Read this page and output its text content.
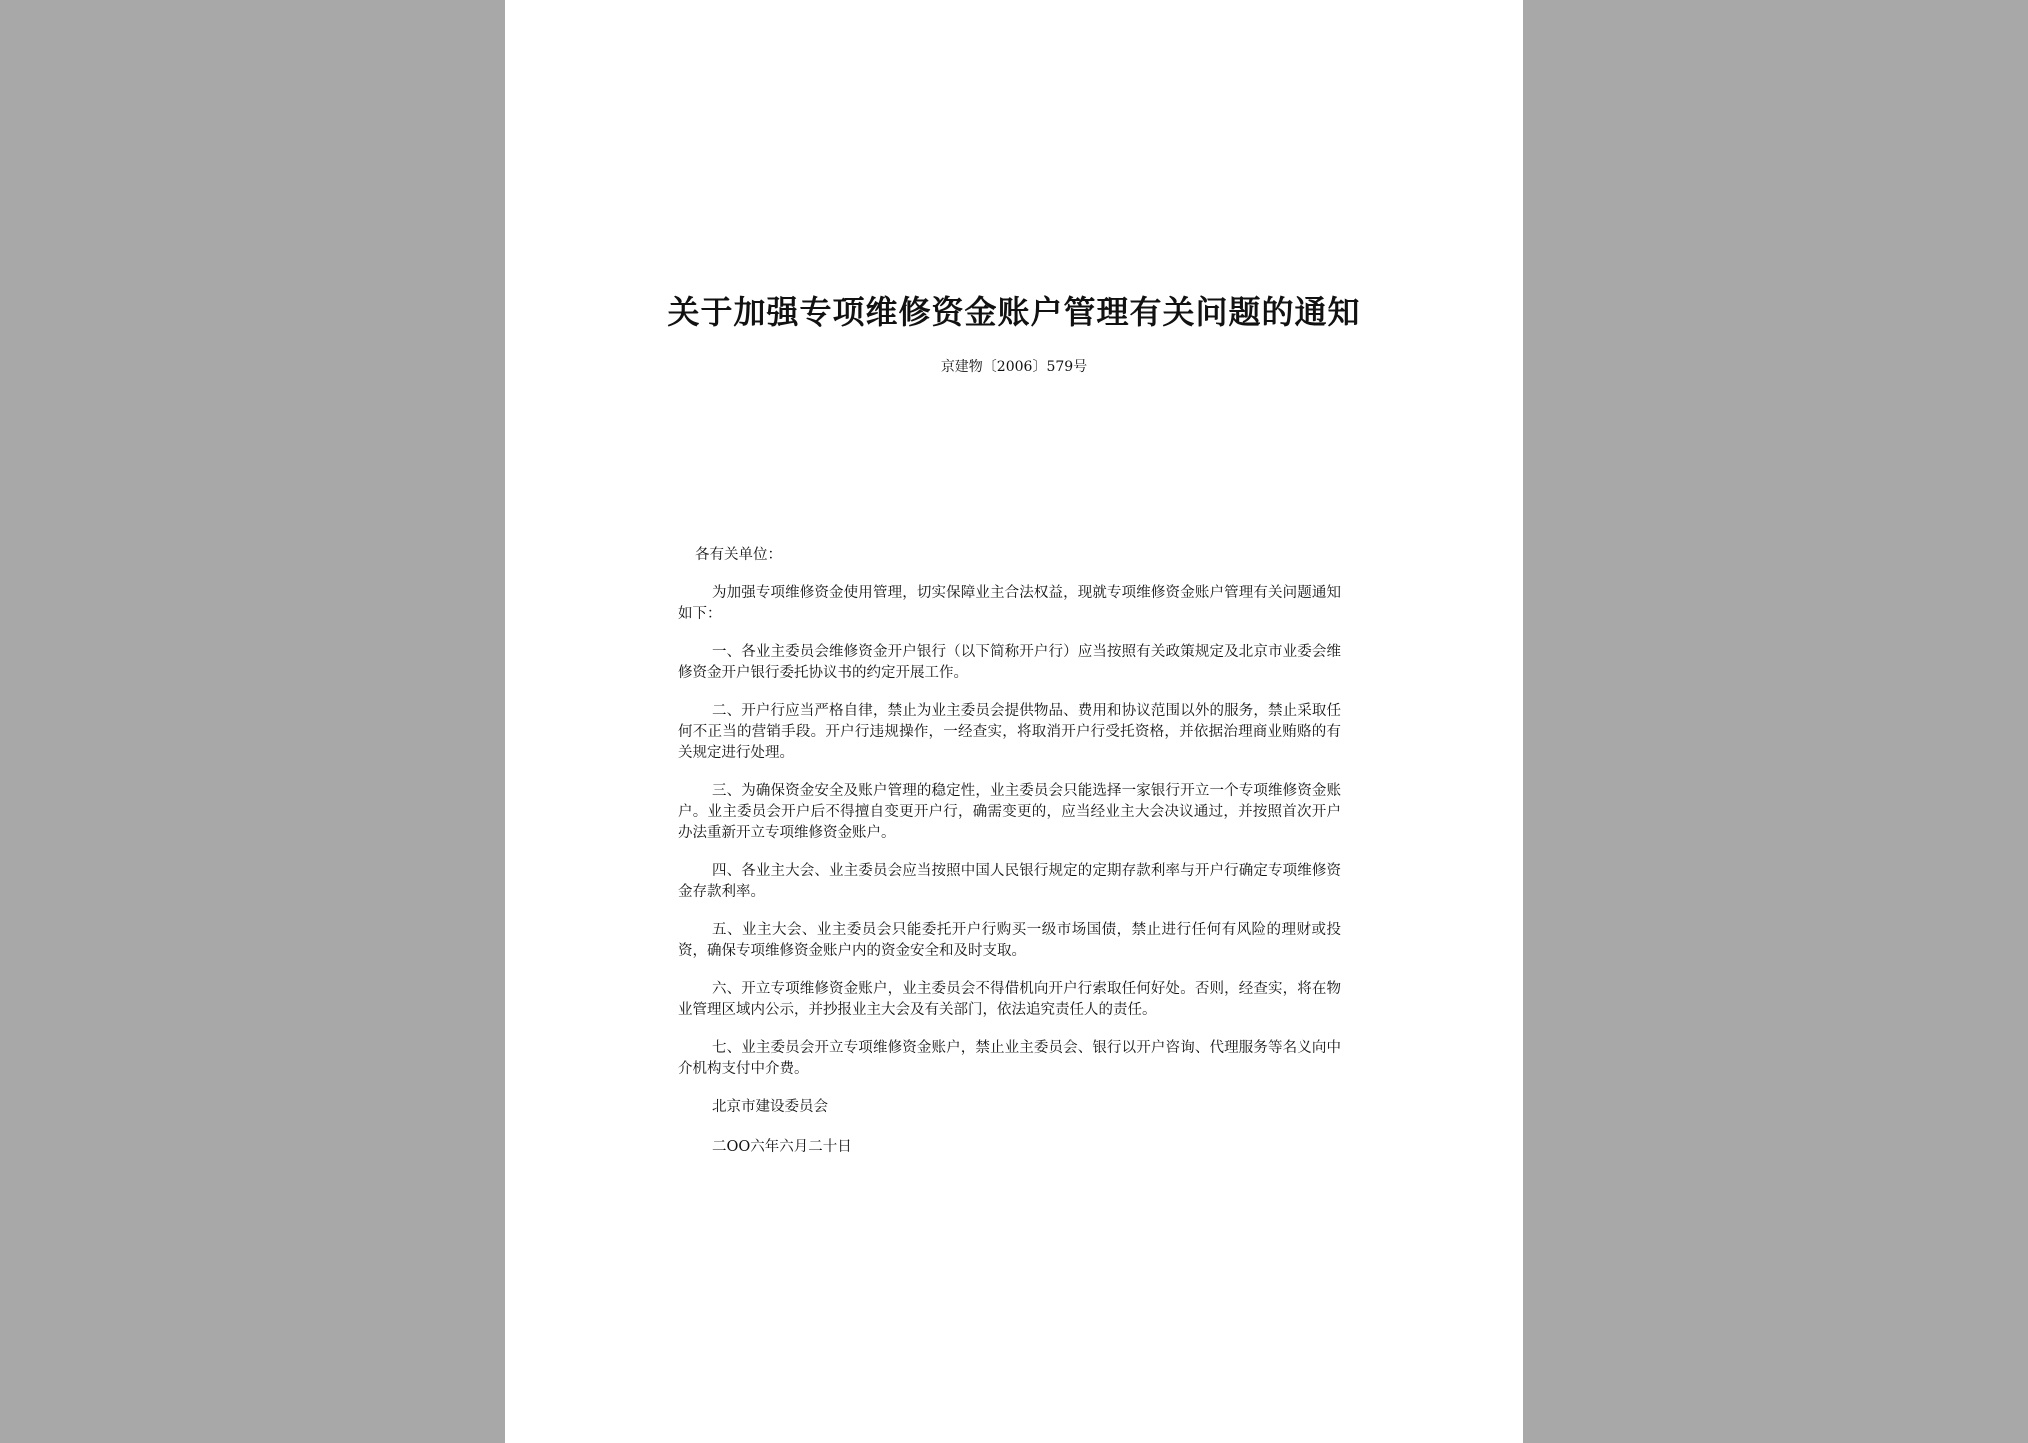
关于加强专项维修资金账户管理有关问题的通知
京建物〔2006〕579号
各有关单位：

为加强专项维修资金使用管理，切实保障业主合法权益，现就专项维修资金账户管理有关问题通知如下：

一、各业主委员会维修资金开户银行（以下简称开户行）应当按照有关政策规定及北京市业委会维修资金开户银行委托协议书的约定开展工作。

二、开户行应当严格自律，禁止为业主委员会提供物品、费用和协议范围以外的服务，禁止采取任何不正当的营销手段。开户行违规操作，一经查实，将取消开户行受托资格，并依据治理商业贿赂的有关规定进行处理。

三、为确保资金安全及账户管理的稳定性，业主委员会只能选择一家银行开立一个专项维修资金账户。业主委员会开户后不得擅自变更开户行，确需变更的，应当经业主大会决议通过，并按照首次开户办法重新开立专项维修资金账户。

四、各业主大会、业主委员会应当按照中国人民银行规定的定期存款利率与开户行确定专项维修资金存款利率。

五、业主大会、业主委员会只能委托开户行购买一级市场国债，禁止进行任何有风险的理财或投资，确保专项维修资金账户内的资金安全和及时支取。

六、开立专项维修资金账户，业主委员会不得借机向开户行索取任何好处。否则，经查实，将在物业管理区域内公示，并抄报业主大会及有关部门，依法追究责任人的责任。

七、业主委员会开立专项维修资金账户，禁止业主委员会、银行以开户咨询、代理服务等名义向中介机构支付中介费。

北京市建设委员会
二OO六年六月二十日
